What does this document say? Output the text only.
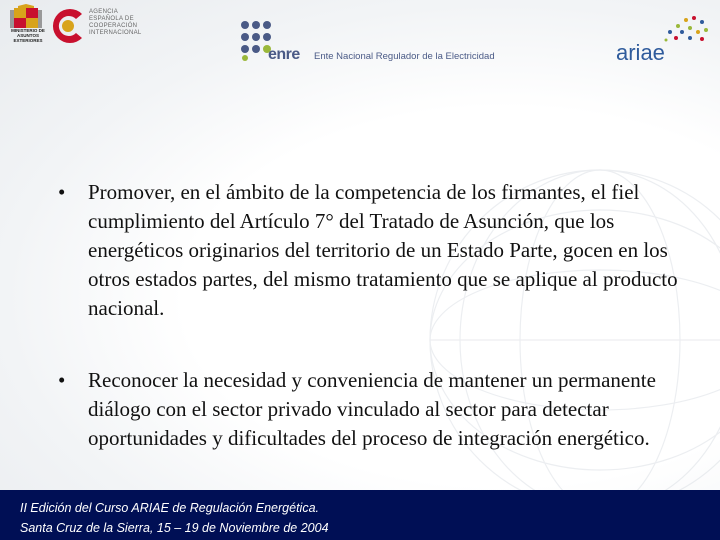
MINISTERIO DE ASUNTOS EXTERIORES
AGENCIA
ESPAÑOLA DE
COOPERACIÓN
INTERNACIONAL
enre Ente Nacional Regulador de la Electricidad	ariae

•	Promover, en el ámbito de la competencia de los firmantes, el fiel cumplimiento del Artículo 7° del Tratado de Asunción, que los energéticos originarios del territorio de un Estado Parte, gocen en los otros estados partes, del mismo tratamiento que se aplique al producto nacional.

•	Reconocer la necesidad y conveniencia de mantener un permanente diálogo con el sector privado vinculado al sector para detectar oportunidades y dificultades del proceso de integración energético.

II Edición del Curso ARIAE de Regulación Energética.
Santa Cruz de la Sierra, 15 – 19 de Noviembre de 2004
